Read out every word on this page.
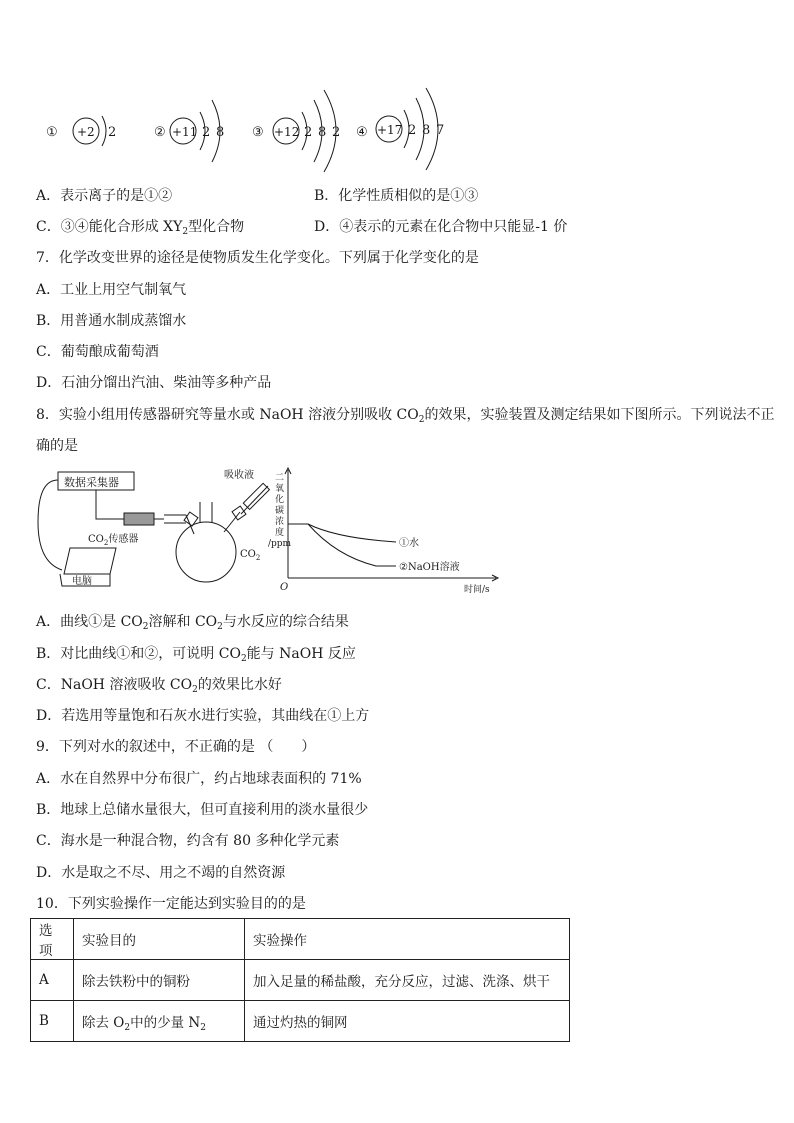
① +2 2	② +11 2 8 ③ +12 2 8 2 ④ +17 2 8 7
A．表示离子的是①②	B．化学性质相似的是①③
C．③④能化合形成 $XY_2$型化合物	D．④表示的元素在化合物中只能显-1 价
7．化学改变世界的途径是使物质发生化学变化。下列属于化学变化的是
A．工业上用空气制氧气
B．用普通水制成蒸馏水
C．葡萄酿成葡萄酒
D．石油分馏出汽油、柴油等多种产品
8．实验小组用传感器研究等量水或 NaOH 溶液分别吸收 $CO_2$的效果，实验装置及测定结果如下图所示。下列说法不正
确的是
数据采集器
$CO_2$传感器
吸收液
$CO_2$
电脑
二氧化碳浓度/ppm
O	时间/s
①水
②NaOH溶液
A．曲线①是 $CO_2$溶解和 $CO_2$与水反应的综合结果
B．对比曲线①和②，可说明 $CO_2$能与 NaOH 反应
C．NaOH 溶液吸收 $CO_2$的效果比水好
D．若选用等量饱和石灰水进行实验，其曲线在①上方
9．下列对水的叙述中，不正确的是 （　　）
A．水在自然界中分布很广，约占地球表面积的 71%
B．地球上总储水量很大，但可直接利用的淡水量很少
C．海水是一种混合物，约含有 80 多种化学元素
D．水是取之不尽、用之不竭的自然资源
10．下列实验操作一定能达到实验目的的是
选项	实验目的	实验操作
A	除去铁粉中的铜粉	加入足量的稀盐酸，充分反应，过滤、洗涤、烘干
B	除去 $O_2$中的少量 $N_2$	通过灼热的铜网
